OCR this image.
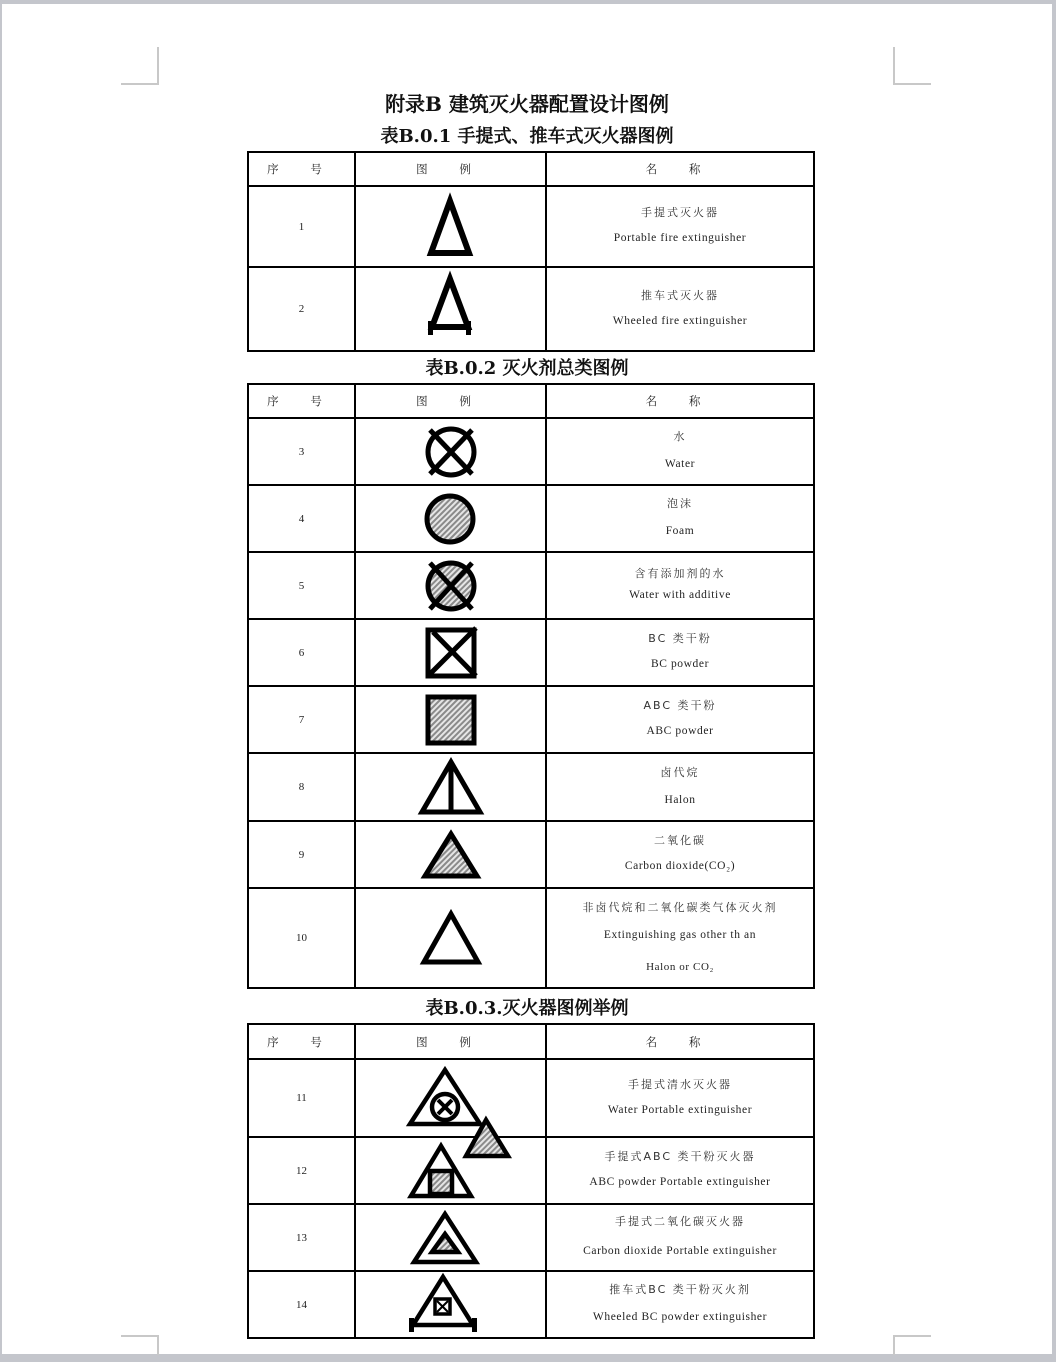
附录B 建筑灭火器配置设计图例
表B.0.1 手提式、推车式灭火器图例
序 号	图 例	名 称
1		手提式灭火器
Portable fire extinguisher

2		推车式灭火器
Wheeled fire extinguisher
表B.0.2 灭火剂总类图例
序 号	图 例	名 称
3		水
Water

4		泡沫
Foam

5		含有添加剂的水
Water with additive

6		BC 类干粉
BC powder

7		ABC 类干粉
ABC powder

8		卤代烷
Halon

9		二氧化碳
Carbon dioxide(CO₂)

10		非卤代烷和二氧化碳类气体灭火剂
Extinguishing gas other th an
Halon or CO₂
表B.0.3.灭火器图例举例
序 号	图 例	名 称
11		手提式清水灭火器
Water Portable extinguisher

12		手提式ABC 类干粉灭火器
ABC powder Portable extinguisher

13		手提式二氧化碳灭火器
Carbon dioxide Portable extinguisher

14		推车式BC 类干粉灭火剂
Wheeled BC powder extinguisher
